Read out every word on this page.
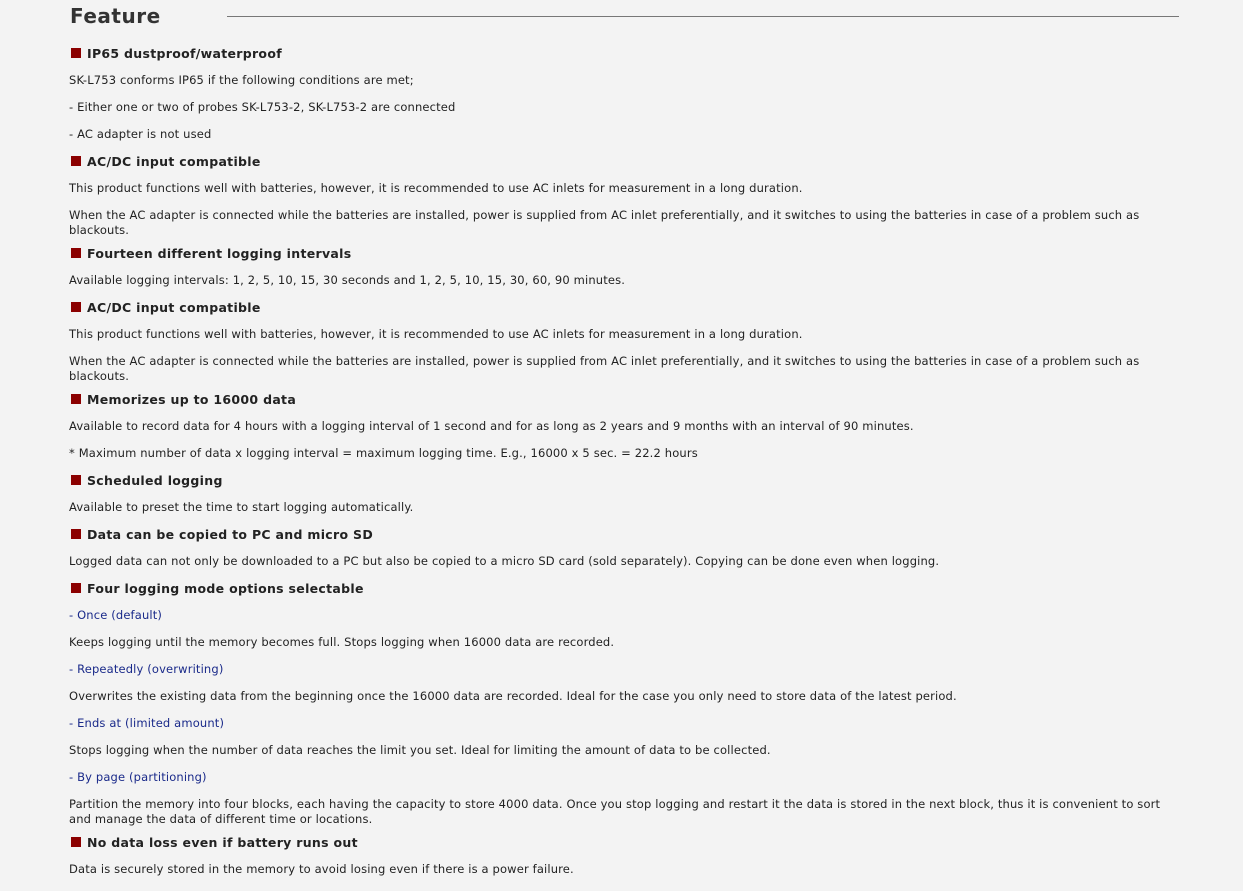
Feature
IP65 dustproof/waterproof

SK-L753 conforms IP65 if the following conditions are met;

- Either one or two of probes SK-L753-2, SK-L753-2 are connected

- AC adapter is not used

AC/DC input compatible

This product functions well with batteries, however, it is recommended to use AC inlets for measurement in a long duration.

When the AC adapter is connected while the batteries are installed, power is supplied from AC inlet preferentially, and it switches to using the batteries in case of a problem such as blackouts.

Fourteen different logging intervals

Available logging intervals: 1, 2, 5, 10, 15, 30 seconds and 1, 2, 5, 10, 15, 30, 60, 90 minutes.

AC/DC input compatible

This product functions well with batteries, however, it is recommended to use AC inlets for measurement in a long duration.

When the AC adapter is connected while the batteries are installed, power is supplied from AC inlet preferentially, and it switches to using the batteries in case of a problem such as blackouts.

Memorizes up to 16000 data

Available to record data for 4 hours with a logging interval of 1 second and for as long as 2 years and 9 months with an interval of 90 minutes.

* Maximum number of data x logging interval = maximum logging time. E.g., 16000 x 5 sec. = 22.2 hours

Scheduled logging

Available to preset the time to start logging automatically.

Data can be copied to PC and micro SD

Logged data can not only be downloaded to a PC but also be copied to a micro SD card (sold separately). Copying can be done even when logging.

Four logging mode options selectable

- Once (default)

Keeps logging until the memory becomes full. Stops logging when 16000 data are recorded.

- Repeatedly (overwriting)

Overwrites the existing data from the beginning once the 16000 data are recorded. Ideal for the case you only need to store data of the latest period.

- Ends at (limited amount)

Stops logging when the number of data reaches the limit you set. Ideal for limiting the amount of data to be collected.

- By page (partitioning)

Partition the memory into four blocks, each having the capacity to store 4000 data. Once you stop logging and restart it the data is stored in the next block, thus it is convenient to sort and manage the data of different time or locations.

No data loss even if battery runs out

Data is securely stored in the memory to avoid losing even if there is a power failure.
